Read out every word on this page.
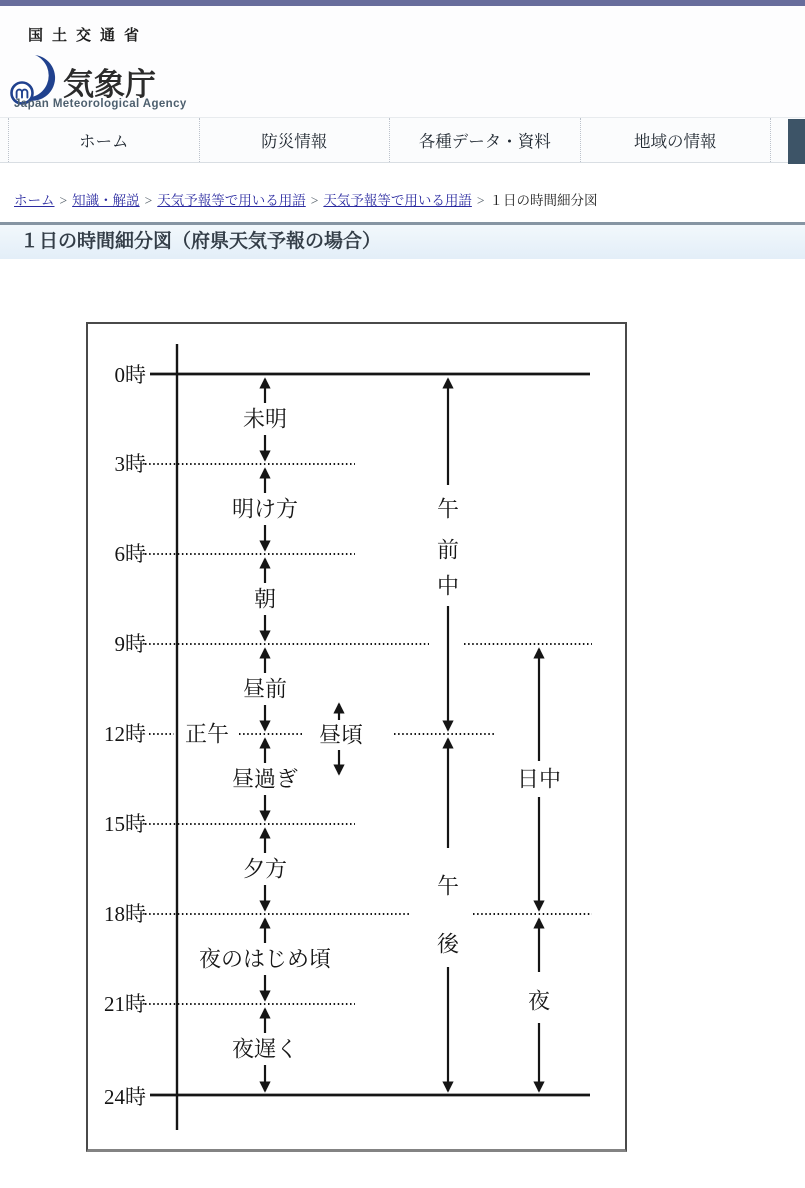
国土交通省
気象庁
Japan Meteorological Agency
ホーム	防災情報	各種データ・資料	地域の情報
ホーム > 知識・解説 > 天気予報等で用いる用語 > 天気予報等で用いる用語 > １日の時間細分図
１日の時間細分図（府県天気予報の場合）
0時
3時
6時
9時
12時
15時
18時
21時
24時
未明
明け方
朝
昼前
昼過ぎ
夕方
夜のはじめ頃
夜遅く
正午	昼頃
午
前
中
午
後
日中
夜
